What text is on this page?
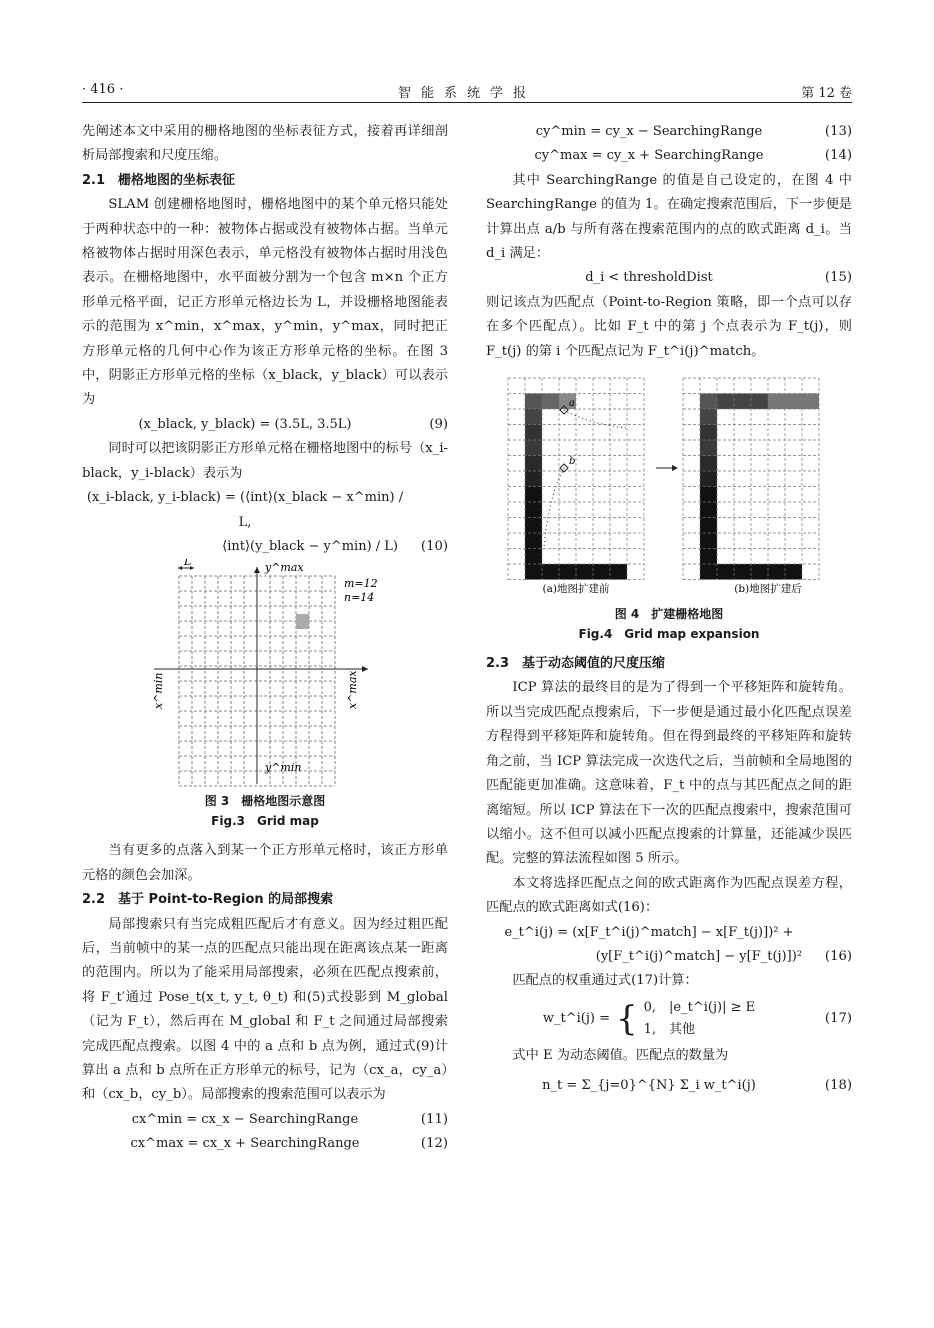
· 416 ·	智能系统学报	第 12 卷

先阐述本文中采用的栅格地图的坐标表征方式，接着再详细剖析局部搜索和尺度压缩。

2.1　栅格地图的坐标表征

SLAM 创建栅格地图时，栅格地图中的某个单元格只能处于两种状态中的一种：被物体占据或没有被物体占据。当单元格被物体占据时用深色表示，单元格没有被物体占据时用浅色表示。在栅格地图中，水平面被分割为一个包含 m×n 个正方形单元格平面，记正方形单元格边长为 L，并设栅格地图能表示的范围为 x^min，x^max，y^min，y^max，同时把正方形单元格的几何中心作为该正方形单元格的坐标。在图 3 中，阴影正方形单元格的坐标（x_black，y_black）可以表示为

(x_black, y_black) = (3.5L, 3.5L)	(9)

同时可以把该阴影正方形单元格在栅格地图中的标号（x_i-black，y_i-black）表示为

(x_i-black, y_i-black) = (⟨int⟩(x_black − x^min) / L,
⟨int⟩(y_black − y^min) / L)	(10)
L	y^max
y^min
x^min	x^max
m=12
n=14

图 3　栅格地图示意图

Fig.3　Grid map

当有更多的点落入到某一个正方形单元格时，该正方形单元格的颜色会加深。

2.2　基于 Point-to-Region 的局部搜索

局部搜索只有当完成粗匹配后才有意义。因为经过粗匹配后，当前帧中的某一点的匹配点只能出现在距离该点某一距离的范围内。所以为了能采用局部搜索，必须在匹配点搜索前，将 F_t′通过 Pose_t(x_t, y_t, θ_t) 和(5)式投影到 M_global（记为 F_t），然后再在 M_global 和 F_t 之间通过局部搜索完成匹配点搜索。以图 4 中的 a 点和 b 点为例，通过式(9)计算出 a 点和 b 点所在正方形单元的标号，记为（cx_a，cy_a）和（cx_b，cy_b）。局部搜索的搜索范围可以表示为

cx^min = cx_x − SearchingRange	(11)
cx^max = cx_x + SearchingRange	(12)
cy^min = cy_x − SearchingRange	(13)
cy^max = cy_x + SearchingRange	(14)

其中 SearchingRange 的值是自己设定的，在图 4 中 SearchingRange 的值为 1。在确定搜索范围后，下一步便是计算出点 a/b 与所有落在搜索范围内的点的欧式距离 d_i。当 d_i 满足：

d_i < thresholdDist	(15)

则记该点为匹配点（Point-to-Region 策略，即一个点可以存在多个匹配点）。比如 F_t 中的第 j 个点表示为 F_t(j)，则 F_t(j) 的第 i 个匹配点记为 F_t^i(j)^match。

a
b
(a)地图扩建前	(b)地图扩建后

图 4　扩建栅格地图

Fig.4　Grid map expansion

2.3　基于动态阈值的尺度压缩

ICP 算法的最终目的是为了得到一个平移矩阵和旋转角。所以当完成匹配点搜索后，下一步便是通过最小化匹配点误差方程得到平移矩阵和旋转角。但在得到最终的平移矩阵和旋转角之前，当 ICP 算法完成一次迭代之后，当前帧和全局地图的匹配能更加准确。这意味着，F_t 中的点与其匹配点之间的距离缩短。所以 ICP 算法在下一次的匹配点搜索中，搜索范围可以缩小。这不但可以减小匹配点搜索的计算量，还能减少误匹配。完整的算法流程如图 5 所示。

本文将选择匹配点之间的欧式距离作为匹配点误差方程，匹配点的欧式距离如式(16)：

e_t^i(j) = (x[F_t^i(j)^match] − x[F_t(j)])² +
(y[F_t^i(j)^match] − y[F_t(j)])²	(16)

匹配点的权重通过式(17)计算：

w_t^i(j) = { 0,　|e_t^i(j)| ≥ E
1,　其他
(17)

式中 E 为动态阈值。匹配点的数量为

n_t = Σ_{j=0}^{N} Σ_i w_t^i(j)	(18)
